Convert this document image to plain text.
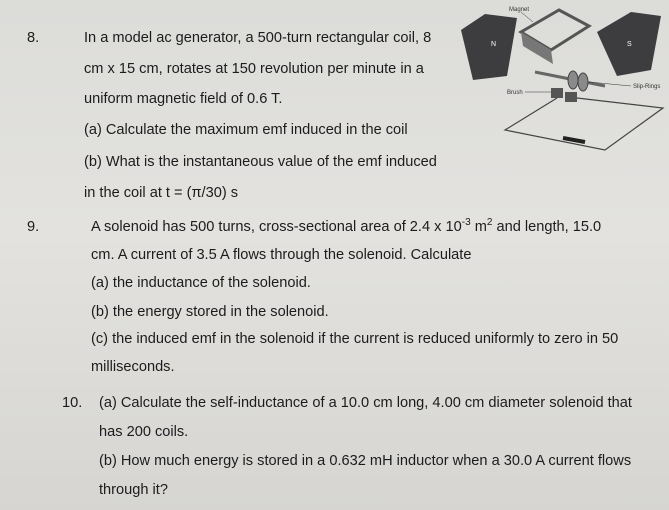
8.	In a model ac generator, a 500-turn rectangular coil, 8
cm x 15 cm, rotates at 150 revolution per minute in a
uniform magnetic field of 0.6 T.
(a) Calculate the maximum emf induced in the coil
(b) What is the instantaneous value of the emf induced
in the coil at t = (π/30) s
9.	A solenoid has 500 turns, cross-sectional area of 2.4 x $10^{-3}$ $m^2$ and length, 15.0
cm. A current of 3.5 A flows through the solenoid. Calculate
(a) the inductance of the solenoid.
(b) the energy stored in the solenoid.
(c) the induced emf in the solenoid if the current is reduced uniformly to zero in 50
milliseconds.
10. (a) Calculate the self-inductance of a 10.0 cm long, 4.00 cm diameter solenoid that
has 200 coils.
(b) How much energy is stored in a 0.632 mH inductor when a 30.0 A current flows
through it?
N	S
Magnet
Brush
Slip-Rings
